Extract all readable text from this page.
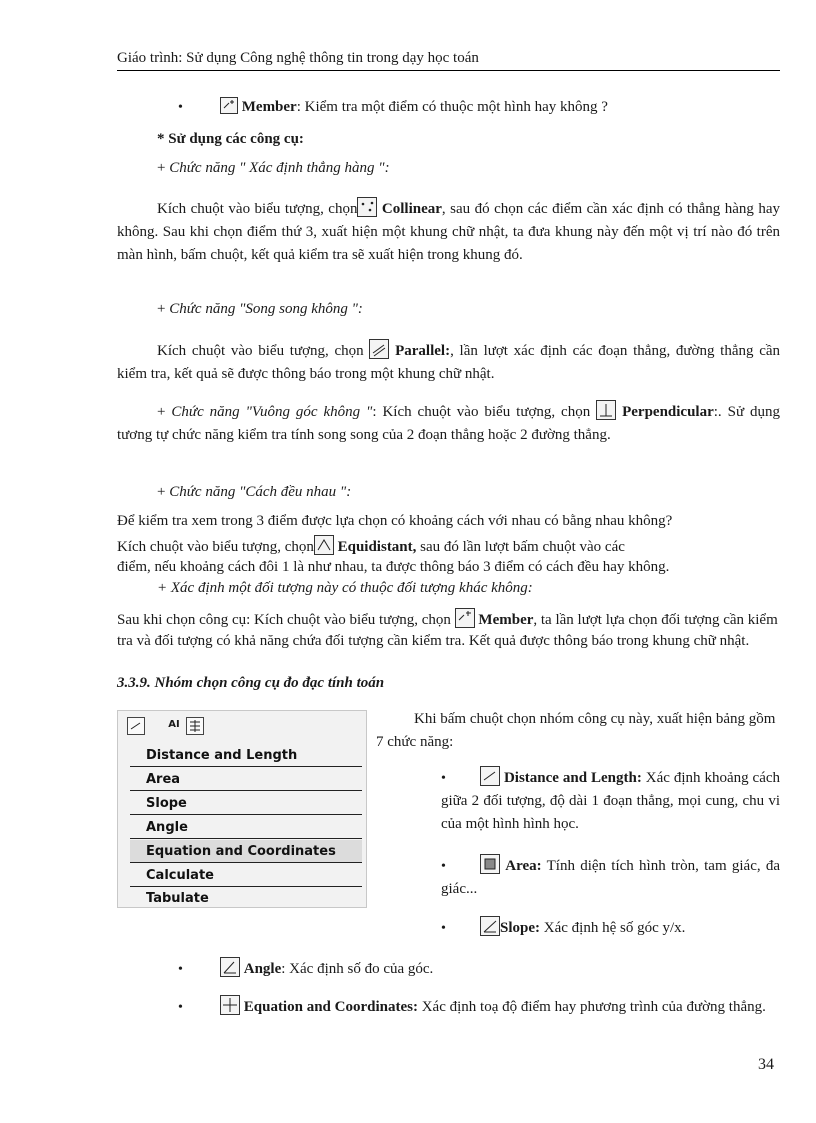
Giáo trình: Sử dụng Công nghệ thông tin trong dạy học toán
•	Member: Kiểm tra một điểm có thuộc một hình hay không ?
* Sử dụng các công cụ:
+ Chức năng " Xác định thẳng hàng ":
Kích chuột vào biểu tượng, chọn Collinear, sau đó chọn các điểm cần xác định có thẳng hàng hay không. Sau khi chọn điểm thứ 3, xuất hiện một khung chữ nhật, ta đưa khung này đến một vị trí nào đó trên màn hình, bấm chuột, kết quả kiểm tra sẽ xuất hiện trong khung đó.
+ Chức năng "Song song không ":
Kích chuột vào biểu tượng, chọn Parallel:, lần lượt xác định các đoạn thẳng, đường thẳng cần kiểm tra, kết quả sẽ được thông báo trong một khung chữ nhật.
+ Chức năng "Vuông góc không ": Kích chuột vào biểu tượng, chọn Perpendicular:. Sử dụng tương tự chức năng kiểm tra tính song song của 2 đoạn thẳng hoặc 2 đường thẳng.
+ Chức năng "Cách đều nhau ":
Để kiểm tra xem trong 3 điểm được lựa chọn có khoảng cách với nhau có bằng nhau không?
Kích chuột vào biểu tượng, chọn Equidistant, sau đó lần lượt bấm chuột vào các
điểm, nếu khoảng cách đôi 1 là như nhau, ta được thông báo 3 điểm có cách đều hay không.
+ Xác định một đối tượng này có thuộc đối tượng khác không:
Sau khi chọn công cụ: Kích chuột vào biểu tượng, chọn Member, ta lần lượt lựa chọn đối tượng cần kiểm tra và đối tượng có khả năng chứa đối tượng cần kiểm tra. Kết quả được thông báo trong khung chữ nhật.
3.3.9. Nhóm chọn công cụ đo đạc tính toán
AI
Distance and Length
Area
Slope
Angle
Equation and Coordinates
Calculate
Tabulate
Khi bấm chuột chọn nhóm công cụ này, xuất hiện bảng gồm 7 chức năng:
•	Distance and Length: Xác định khoảng cách giữa 2 đối tượng, độ dài 1 đoạn thẳng, mọi cung, chu vi của một hình hình học.
•	Area: Tính diện tích hình tròn, tam giác, đa giác...
•	Slope: Xác định hệ số góc y/x.
•	Angle: Xác định số đo của góc.
•	Equation and Coordinates: Xác định toạ độ điểm hay phương trình của đường thẳng.
34
